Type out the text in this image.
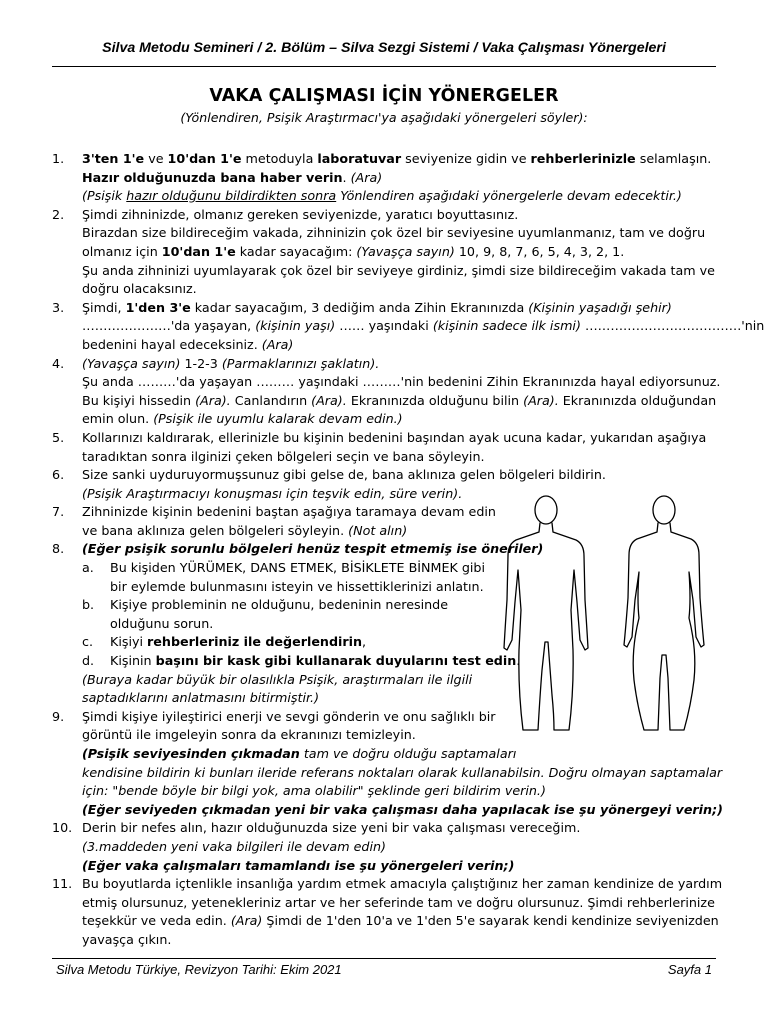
Silva Metodu Semineri / 2. Bölüm – Silva Sezgi Sistemi / Vaka Çalışması Yönergeleri
VAKA ÇALIŞMASI İÇİN YÖNERGELER
(Yönlendiren, Psişik Araştırmacı'ya aşağıdaki yönergeleri söyler):
1. 3'ten 1'e ve 10'dan 1'e metoduyla laboratuvar seviyenize gidin ve rehberlerinizle selamlaşın.
Hazır olduğunuzda bana haber verin. (Ara)
(Psişik hazır olduğunu bildirdikten sonra Yönlendiren aşağıdaki yönergelerle devam edecektir.)
2. Şimdi zihninizde, olmanız gereken seviyenizde, yaratıcı boyuttasınız.
Birazdan size bildireceğim vakada, zihninizin çok özel bir seviyesine uyumlanmanız, tam ve doğru
olmanız için 10'dan 1'e kadar sayacağım: (Yavaşça sayın) 10, 9, 8, 7, 6, 5, 4, 3, 2, 1.
Şu anda zihninizi uyumlayarak çok özel bir seviyeye girdiniz, şimdi size bildireceğim vakada tam ve
doğru olacaksınız.
3. Şimdi, 1'den 3'e kadar sayacağım, 3 dediğim anda Zihin Ekranınızda (Kişinin yaşadığı şehir)
…………………'da yaşayan, (kişinin yaşı) …… yaşındaki (kişinin sadece ilk ismi) ……………………………….'nin
bedenini hayal edeceksiniz. (Ara)
4. (Yavaşça sayın) 1-2-3 (Parmaklarınızı şaklatın).
Şu anda ………'da yaşayan ……… yaşındaki ………'nin bedenini Zihin Ekranınızda hayal ediyorsunuz.
Bu kişiyi hissedin (Ara). Canlandırın (Ara). Ekranınızda olduğunu bilin (Ara). Ekranınızda olduğundan
emin olun. (Psişik ile uyumlu kalarak devam edin.)
5. Kollarınızı kaldırarak, ellerinizle bu kişinin bedenini başından ayak ucuna kadar, yukarıdan aşağıya
taradıktan sonra ilginizi çeken bölgeleri seçin ve bana söyleyin.
6. Size sanki uyduruyormuşsunuz gibi gelse de, bana aklınıza gelen bölgeleri bildirin.
(Psişik Araştırmacıyı konuşması için teşvik edin, süre verin).
7. Zihninizde kişinin bedenini baştan aşağıya taramaya devam edin
ve bana aklınıza gelen bölgeleri söyleyin. (Not alın)
8. (Eğer psişik sorunlu bölgeleri henüz tespit etmemiş ise öneriler)
a. Bu kişiden YÜRÜMEK, DANS ETMEK, BİSİKLETE BİNMEK gibi
bir eylemde bulunmasını isteyin ve hissettiklerinizi anlatın.
b. Kişiye probleminin ne olduğunu, bedeninin neresinde
olduğunu sorun.
c. Kişiyi rehberleriniz ile değerlendirin,
d. Kişinin başını bir kask gibi kullanarak duyularını test edin.
(Buraya kadar büyük bir olasılıkla Psişik, araştırmaları ile ilgili
saptadıklarını anlatmasını bitirmiştir.)
9. Şimdi kişiye iyileştirici enerji ve sevgi gönderin ve onu sağlıklı bir
görüntü ile imgeleyin sonra da ekranınızı temizleyin.
(Psişik seviyesinden çıkmadan tam ve doğru olduğu saptamaları
kendisine bildirin ki bunları ileride referans noktaları olarak kullanabilsin. Doğru olmayan saptamalar
için: "bende böyle bir bilgi yok, ama olabilir" şeklinde geri bildirim verin.)
(Eğer seviyeden çıkmadan yeni bir vaka çalışması daha yapılacak ise şu yönergeyi verin;)
10. Derin bir nefes alın, hazır olduğunuzda size yeni bir vaka çalışması vereceğim.
(3.maddeden yeni vaka bilgileri ile devam edin)
(Eğer vaka çalışmaları tamamlandı ise şu yönergeleri verin;)
11. Bu boyutlarda içtenlikle insanlığa yardım etmek amacıyla çalıştığınız her zaman kendinize de yardım
etmiş olursunuz, yetenekleriniz artar ve her seferinde tam ve doğru olursunuz. Şimdi rehberlerinize
teşekkür ve veda edin. (Ara) Şimdi de 1'den 10'a ve 1'den 5'e sayarak kendi kendinize seviyenizden
yavaşça çıkın.
Silva Metodu Türkiye, Revizyon Tarihi: Ekim 2021	Sayfa 1
